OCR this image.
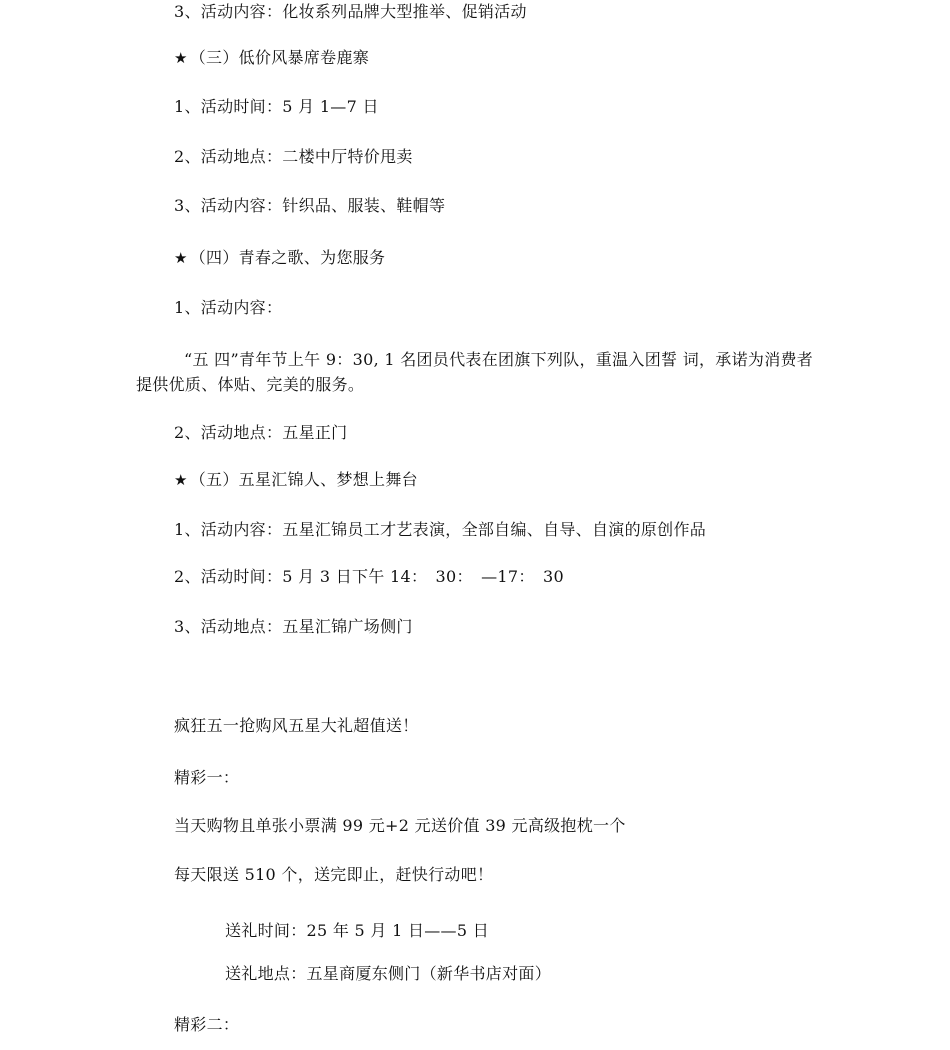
3、活动内容：化妆系列品牌大型推举、促销活动
★ （三）低价风暴席卷鹿寨
1、活动时间：5 月 1—7 日
2、活动地点：二楼中厅特价甩卖
3、活动内容：针织品、服装、鞋帽等
★ （四）青春之歌、为您服务
1、活动内容：
“五 四”青年节上午 9：30, 1 名团员代表在团旗下列队，重温入团誓 词，承诺为消费者提供优质、体贴、完美的服务。
2、活动地点：五星正门
★ （五）五星汇锦人、梦想上舞台
1、活动内容：五星汇锦员工才艺表演，全部自编、自导、自演的原创作品
2、活动时间：5 月 3 日下午 14：　30：　—17：　30
3、活动地点：五星汇锦广场侧门
疯狂五一抢购风五星大礼超值送！
精彩一：
当天购物且单张小票满 99 元+2 元送价值 39 元高级抱枕一个
每天限送 510 个，送完即止，赶快行动吧！
送礼时间：25 年 5 月 1 日——5 日
送礼地点：五星商厦东侧门（新华书店对面）
精彩二：
